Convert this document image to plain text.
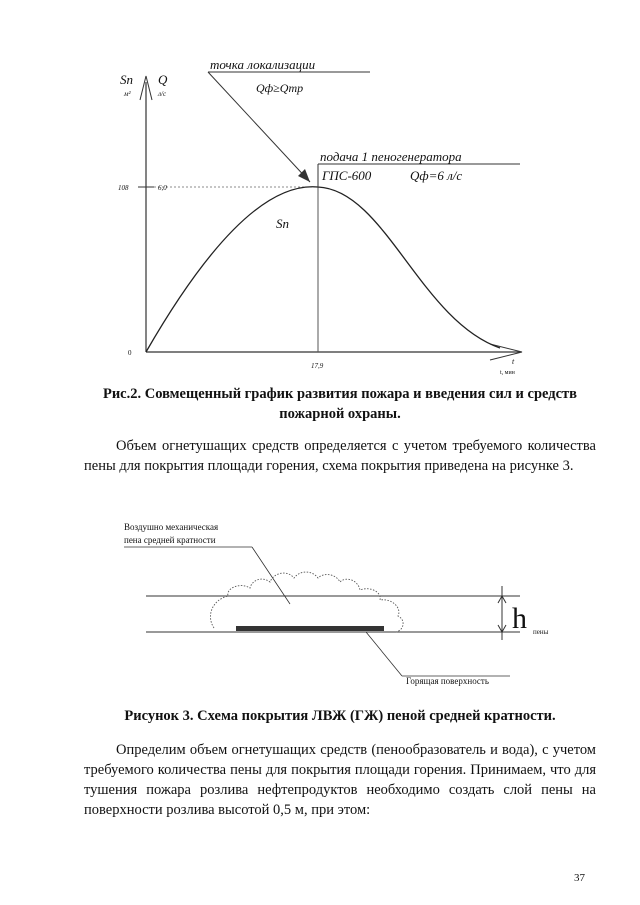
Sп
м²
Q
л/с
108	6,0
0
17,9	t
t, мин
Sп
точка локализации
Qф≥Qтр
подача 1 пеногенератора
ГПС-600	Qф=6 л/с
Рис.2. Совмещенный график развития пожара и введения сил и средств пожарной охраны.
Объем огнетушащих средств определяется с учетом требуемого количества пены для покрытия площади горения, схема покрытия приведена на рисунке 3.
Воздушно механическая
пена средней кратности
h пены
Горящая поверхность
Рисунок 3. Схема покрытия ЛВЖ (ГЖ) пеной средней кратности.
Определим объем огнетушащих средств (пенообразователь и вода), с учетом требуемого количества пены для покрытия площади горения. Принимаем, что для тушения пожара розлива нефтепродуктов необходимо создать слой пены на поверхности розлива высотой 0,5 м, при этом:
37
